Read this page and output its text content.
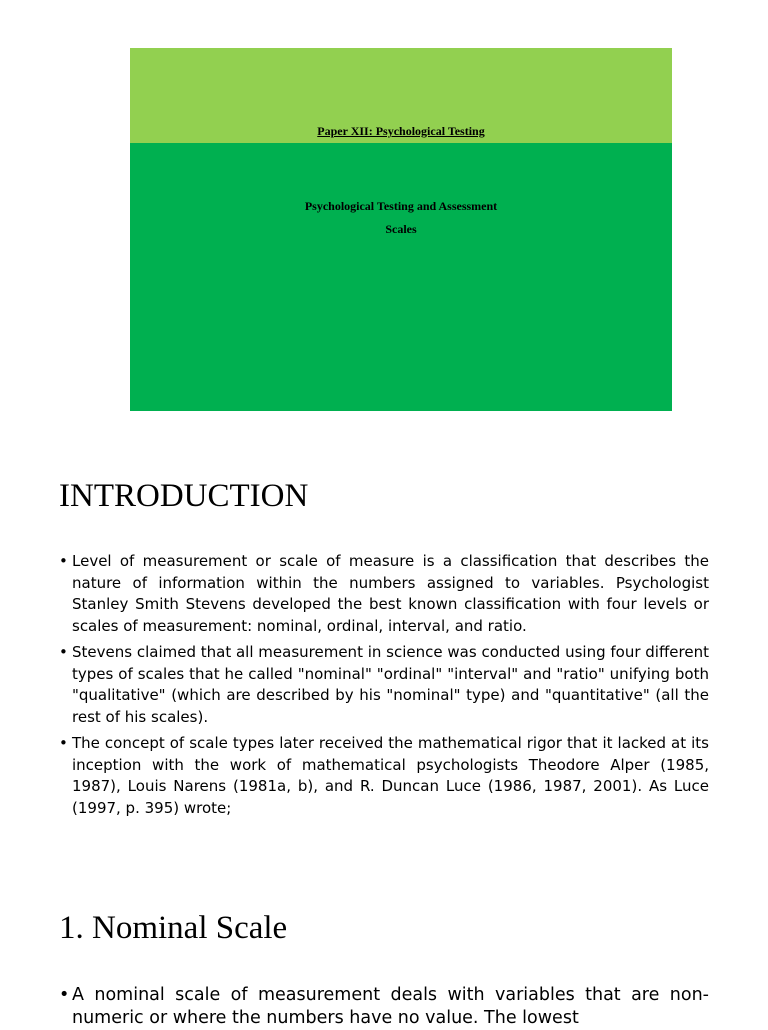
Paper XII: Psychological Testing
Psychological Testing and Assessment
Scales
INTRODUCTION
• Level of measurement or scale of measure is a classification that describes the nature of information within the numbers assigned to variables. Psychologist Stanley Smith Stevens developed the best known classification with four levels or scales of measurement: nominal, ordinal, interval, and ratio.
• Stevens claimed that all measurement in science was conducted using four different types of scales that he called "nominal" "ordinal" "interval" and "ratio" unifying both "qualitative" (which are described by his "nominal" type) and "quantitative" (all the rest of his scales).
• The concept of scale types later received the mathematical rigor that it lacked at its inception with the work of mathematical psychologists Theodore Alper (1985, 1987), Louis Narens (1981a, b), and R. Duncan Luce (1986, 1987, 2001). As Luce (1997, p. 395) wrote;
1. Nominal Scale
• A nominal scale of measurement deals with variables that are non-numeric or where the numbers have no value. The lowest
